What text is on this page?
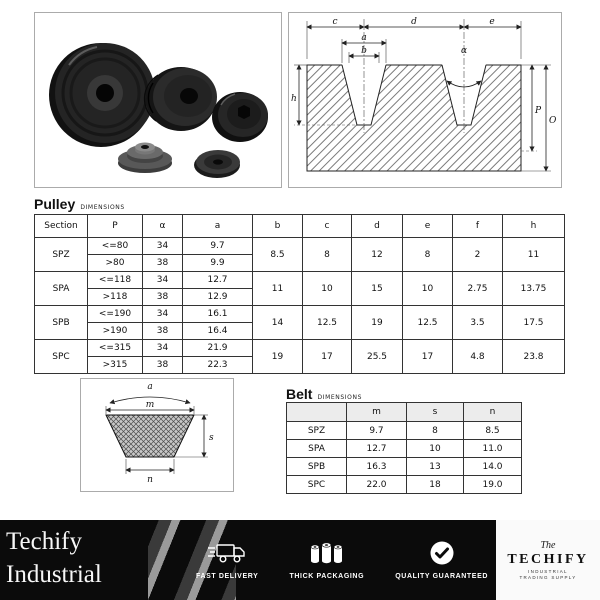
c	d	e
a
b	α
h
P
O
Pulley dimensions
Section	P	α	a	b	c	d	e	f	h
SPZ	<=80	34	9.7	8.5	8	12	8	2	11
	>80	38	9.9						
SPA	<=118	34	12.7	11	10	15	10	2.75	13.75
	>118	38	12.9						
SPB	<=190	34	16.1	14	12.5	19	12.5	3.5	17.5
	>190	38	16.4						
SPC	<=315	34	21.9	19	17	25.5	17	4.8	23.8
	>315	38	22.3						
a
m
s
n
Belt dimensions
	m	s	n
SPZ	9.7	8	8.5
SPA	12.7	10	11.0
SPB	16.3	13	14.0
SPC	22.0	18	19.0
Techify
Industrial	FAST DELIVERY	THICK PACKAGING	QUALITY GUARANTEED
The
TECHIFY
INDUSTRIAL
TRADING SUPPLY
